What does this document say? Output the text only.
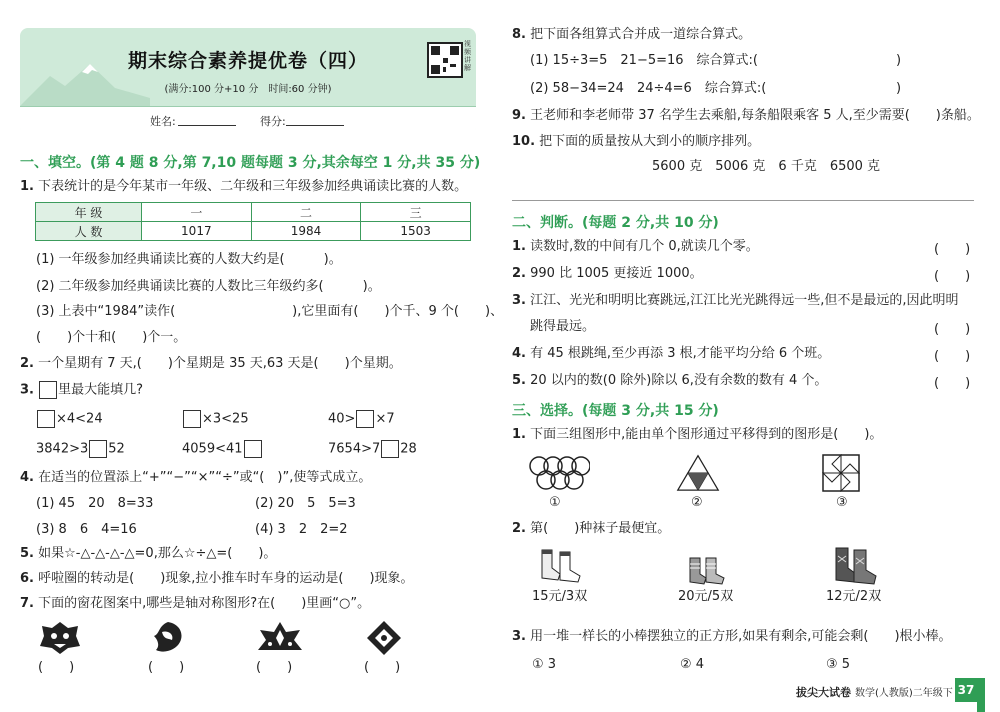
期末综合素养提优卷（四）
(满分:100 分+10 分　时间:60 分钟)
视频讲解
姓名:	得分:
一、填空。(第 4 题 8 分,第 7,10 题每题 3 分,其余每空 1 分,共 35 分)
1. 下表统计的是今年某市一年级、二年级和三年级参加经典诵读比赛的人数。
年 级	一	二	三
人 数	1017	1984	1503
(1) 一年级参加经典诵读比赛的人数大约是(　　　)。
(2) 二年级参加经典诵读比赛的人数比三年级约多(　　　)。
(3) 上表中“1984”读作(　　　　　　　　　),它里面有(　　)个千、9 个(　　)、
(　　)个十和(　　)个一。
2. 一个星期有 7 天,(　　)个星期是 35 天,63 天是(　　)个星期。
3. 里最大能填几?
×4<24	×3<25	40> ×7
3842>3 52	4059<41	7654>7 28
4. 在适当的位置添上“+”“−”“×”“÷”或“(　)”,使等式成立。
(1) 45　20　8=33	(2) 20　5　5=3
(3) 8　6　4=16	(4) 3　2　2=2
5. 如果☆-△-△-△-△=0,那么☆÷△=(　　)。
6. 呼啦圈的转动是(　　)现象,拉小推车时车身的运动是(　　)现象。
7. 下面的窗花图案中,哪些是轴对称图形?在(　　)里画“○”。
(　　)	(　　)	(　　)	(　　)
8. 把下面各组算式合并成一道综合算式。
(1) 15÷3=5　21−5=16　综合算式:(	)
(2) 58−34=24　24÷4=6　综合算式:(	)
9. 王老师和李老师带 37 名学生去乘船,每条船限乘客 5 人,至少需要(　　)条船。
10. 把下面的质量按从大到小的顺序排列。
5600 克　5006 克　6 千克　6500 克
二、判断。(每题 2 分,共 10 分)
1. 读数时,数的中间有几个 0,就读几个零。	(　　)
2. 990 比 1005 更接近 1000。	(　　)
3. 江江、光光和明明比赛跳远,江江比光光跳得远一些,但不是最远的,因此明明
跳得最远。	(　　)
4. 有 45 根跳绳,至少再添 3 根,才能平均分给 6 个班。	(　　)
5. 20 以内的数(0 除外)除以 6,没有余数的数有 4 个。	(　　)
三、选择。(每题 3 分,共 15 分)
1. 下面三组图形中,能由单个图形通过平移得到的图形是(　　)。
①	②	③
2. 第(　　)种袜子最便宜。
15元/3双	20元/5双	12元/2双
3. 用一堆一样长的小棒摆独立的正方形,如果有剩余,可能会剩(　　)根小棒。
① 3	② 4	③ 5
拔尖大试卷 数学(人教版)二年级下 37
